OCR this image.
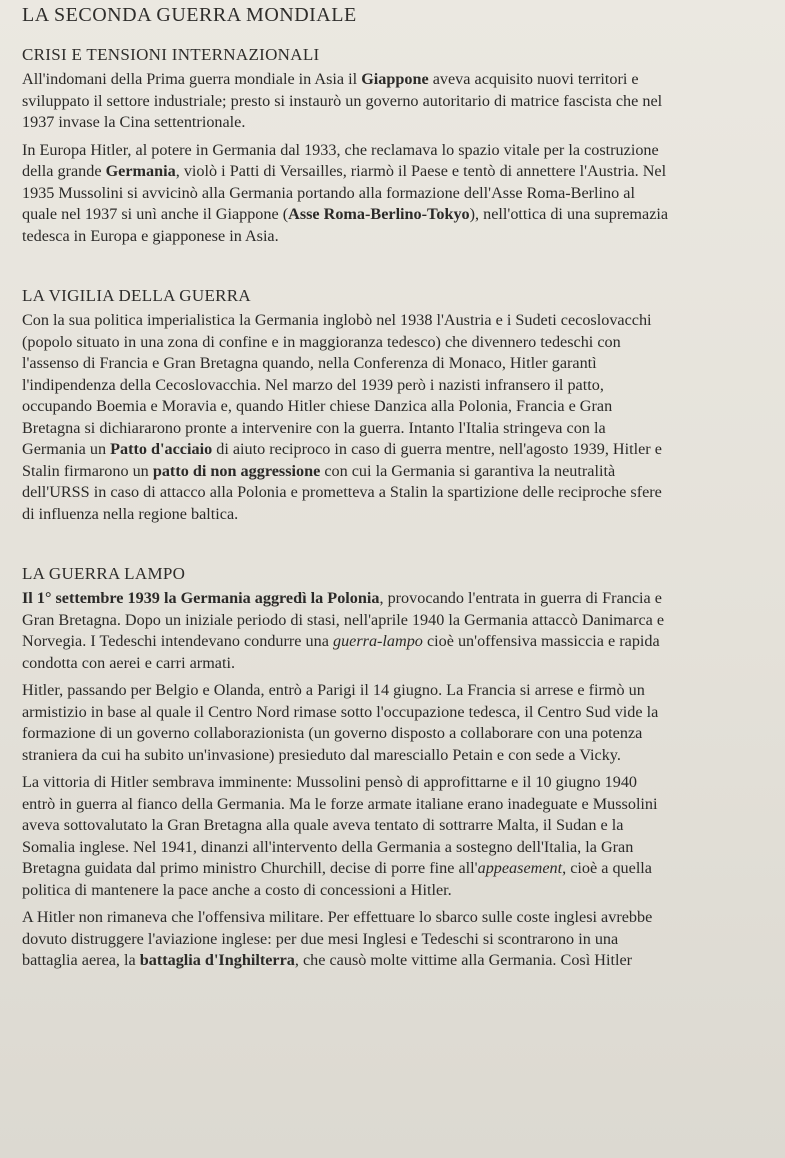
LA SECONDA GUERRA MONDIALE
CRISI E TENSIONI INTERNAZIONALI
All'indomani della Prima guerra mondiale in Asia il Giappone aveva acquisito nuovi territori e
sviluppato il settore industriale; presto si instaurò un governo autoritario di matrice fascista che nel
1937 invase la Cina settentrionale.
In Europa Hitler, al potere in Germania dal 1933, che reclamava lo spazio vitale per la costruzione
della grande Germania, violò i Patti di Versailles, riarmò il Paese e tentò di annettere l'Austria. Nel
1935 Mussolini si avvicinò alla Germania portando alla formazione dell'Asse Roma-Berlino al
quale nel 1937 si unì anche il Giappone (Asse Roma-Berlino-Tokyo), nell'ottica di una supremazia
tedesca in Europa e giapponese in Asia.
LA VIGILIA DELLA GUERRA
Con la sua politica imperialistica la Germania inglobò nel 1938 l'Austria e i Sudeti cecoslovacchi
(popolo situato in una zona di confine e in maggioranza tedesco) che divennero tedeschi con
l'assenso di Francia e Gran Bretagna quando, nella Conferenza di Monaco, Hitler garantì
l'indipendenza della Cecoslovacchia. Nel marzo del 1939 però i nazisti infransero il patto,
occupando Boemia e Moravia e, quando Hitler chiese Danzica alla Polonia, Francia e Gran
Bretagna si dichiararono pronte a intervenire con la guerra. Intanto l'Italia stringeva con la
Germania un Patto d'acciaio di aiuto reciproco in caso di guerra mentre, nell'agosto 1939, Hitler e
Stalin firmarono un patto di non aggressione con cui la Germania si garantiva la neutralità
dell'URSS in caso di attacco alla Polonia e prometteva a Stalin la spartizione delle reciproche sfere
di influenza nella regione baltica.
LA GUERRA LAMPO
Il 1° settembre 1939 la Germania aggredì la Polonia, provocando l'entrata in guerra di Francia e
Gran Bretagna. Dopo un iniziale periodo di stasi, nell'aprile 1940 la Germania attaccò Danimarca e
Norvegia. I Tedeschi intendevano condurre una guerra-lampo cioè un'offensiva massiccia e rapida
condotta con aerei e carri armati.
Hitler, passando per Belgio e Olanda, entrò a Parigi il 14 giugno. La Francia si arrese e firmò un
armistizio in base al quale il Centro Nord rimase sotto l'occupazione tedesca, il Centro Sud vide la
formazione di un governo collaborazionista (un governo disposto a collaborare con una potenza
straniera da cui ha subito un'invasione) presieduto dal maresciallo Petain e con sede a Vicky.
La vittoria di Hitler sembrava imminente: Mussolini pensò di approfittarne e il 10 giugno 1940
entrò in guerra al fianco della Germania. Ma le forze armate italiane erano inadeguate e Mussolini
aveva sottovalutato la Gran Bretagna alla quale aveva tentato di sottrarre Malta, il Sudan e la
Somalia inglese. Nel 1941, dinanzi all'intervento della Germania a sostegno dell'Italia, la Gran
Bretagna guidata dal primo ministro Churchill, decise di porre fine all'appeasement, cioè a quella
politica di mantenere la pace anche a costo di concessioni a Hitler.
A Hitler non rimaneva che l'offensiva militare. Per effettuare lo sbarco sulle coste inglesi avrebbe
dovuto distruggere l'aviazione inglese: per due mesi Inglesi e Tedeschi si scontrarono in una
battaglia aerea, la battaglia d'Inghilterra, che causò molte vittime alla Germania. Così Hitler
